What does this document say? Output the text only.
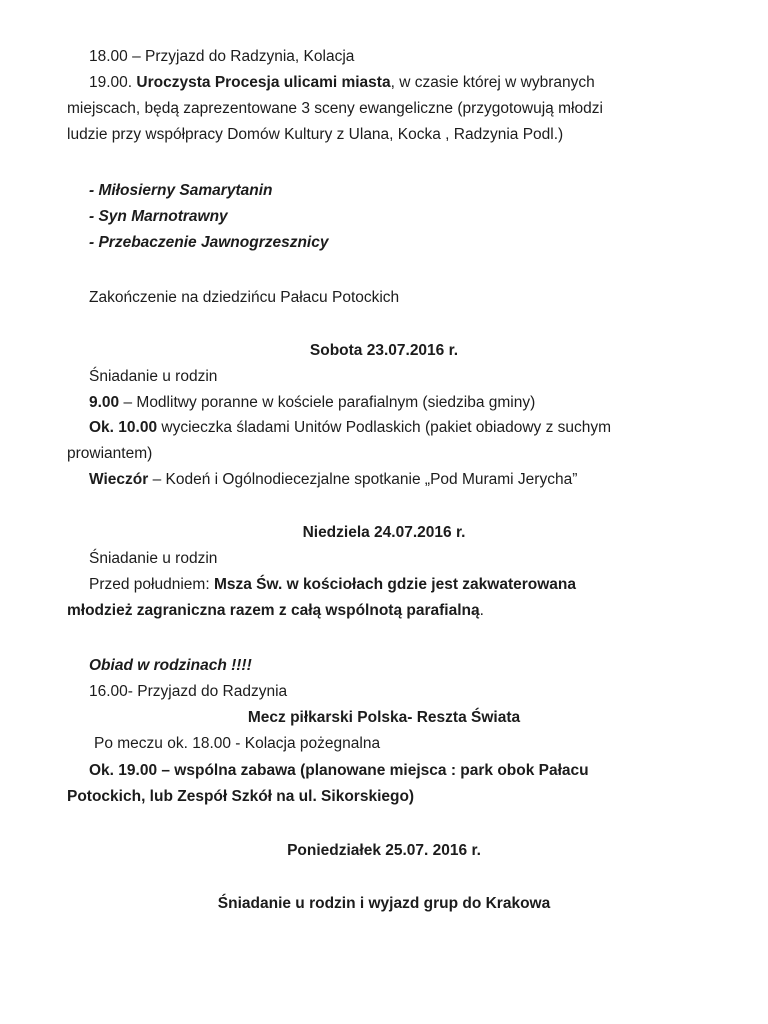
18.00 – Przyjazd do Radzynia, Kolacja
19.00. Uroczysta Procesja ulicami miasta, w czasie której w wybranych
miejscach, będą zaprezentowane 3 sceny ewangeliczne (przygotowują młodzi
ludzie przy współpracy Domów Kultury z Ulana, Kocka , Radzynia Podl.)
- Miłosierny Samarytanin
- Syn Marnotrawny
- Przebaczenie Jawnogrzesznicy
Zakończenie na dziedzińcu Pałacu Potockich
Sobota 23.07.2016 r.
Śniadanie u rodzin
9.00 – Modlitwy poranne w kościele parafialnym (siedziba gminy)
Ok. 10.00 wycieczka śladami Unitów Podlaskich (pakiet obiadowy z suchym
prowiantem)
Wieczór – Kodeń i Ogólnodiecezjalne spotkanie „Pod Murami Jerycha”
Niedziela 24.07.2016 r.
Śniadanie u rodzin
Przed południem: Msza Św. w kościołach gdzie jest zakwaterowana
młodzież zagraniczna razem z całą wspólnotą parafialną.
Obiad w rodzinach !!!!
16.00- Przyjazd do Radzynia
Mecz piłkarski Polska- Reszta Świata
Po meczu ok. 18.00 - Kolacja pożegnalna
Ok. 19.00 – wspólna zabawa (planowane miejsca : park obok Pałacu
Potockich, lub Zespół Szkół na ul. Sikorskiego)
Poniedziałek 25.07. 2016 r.
Śniadanie u rodzin i wyjazd grup do Krakowa
